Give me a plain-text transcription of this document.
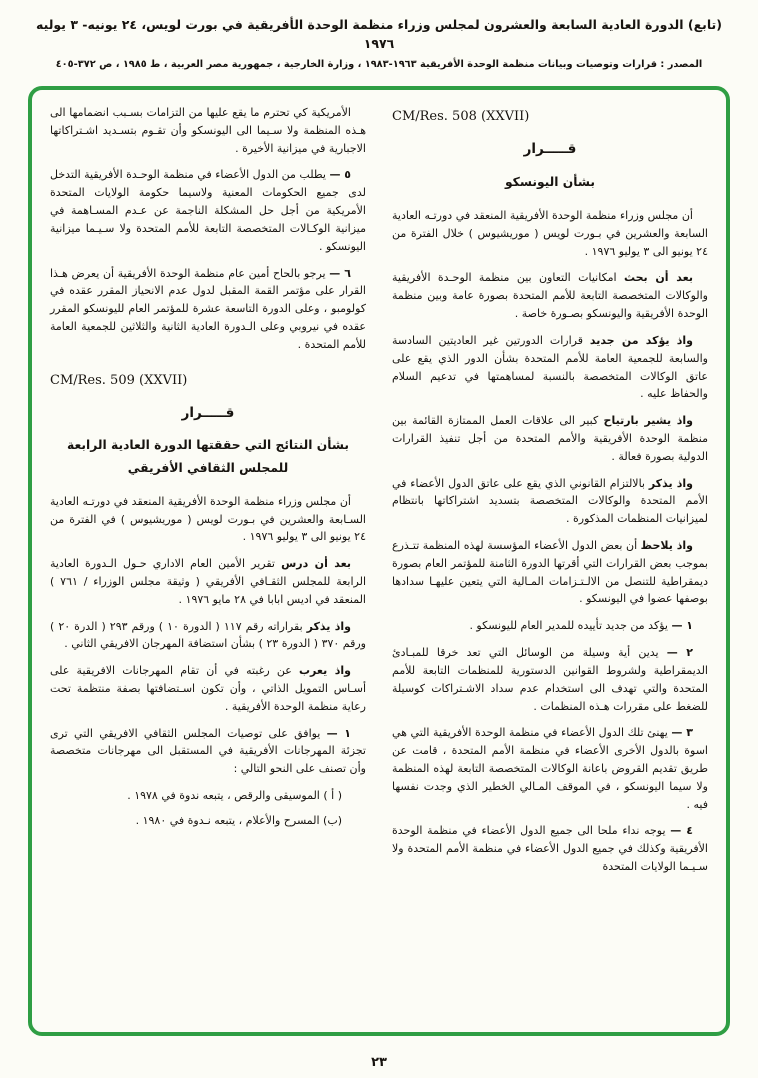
(تابع) الدورة العادية السابعة والعشرون لمجلس وزراء منظمة الوحدة الأفريقية في بورت لويس، ٢٤ يونيه- ٣ يوليه ١٩٧٦
المصدر : قرارات وتوصيات وبيانات منظمة الوحدة الأفريقية ١٩٦٣-١٩٨٣ ، وزارة الخارجية ، جمهورية مصر العربية ، ط ١٩٨٥ ، ص ٣٧٢-٤٠٥
CM/Res. 508 (XXVII)
قـــــرار
بشأن اليونسكو

أن مجلس وزراء منظمة الوحدة الأفريقية المنعقد في دورتـه العادية السابعة والعشرين في بـورت لويس ( موريشيوس ) خلال الفترة من ٢٤ يونيو الى ٣ يوليو ١٩٧٦ .

بعد أن بحث امكانيات التعاون بين منظمة الوحـدة الأفريقية والوكالات المتخصصة التابعة للأمم المتحدة بصورة عامة وبين منظمة الوحدة الأفريقية واليونسكو بصـورة خاصة .

واذ يؤكد من جديد قرارات الدورتين غير العاديتين السادسة والسابعة للجمعية العامة للأمم المتحدة بشأن الدور الذي يقع على عاتق الوكالات المتخصصة بالنسبة لمساهمتها في تدعيم السلام والحفاظ عليه .

واذ يشير بارتياح كبير الى علاقات العمل الممتازة القائمة بين منظمة الوحدة الأفريقية والأمم المتحدة من أجل تنفيذ القرارات الدولية بصورة فعالة .

واذ يذكر بالالتزام القانوني الذي يقع على عاتق الدول الأعضاء في الأمم المتحدة والوكالات المتخصصة بتسديد اشتراكاتها بانتظام لميزانيات المنظمات المذكورة .

واذ يلاحظ أن بعض الدول الأعضاء المؤسسة لهذه المنظمة تتـذرع بموجب بعض القرارات التي أقرتها الدورة الثامنة للمؤتمر العام بصورة ديمقراطية للتنصل من الالـتـزامات المـالية التي يتعين عليهـا سدادها بوصفها عضوا في اليونسكو .

١ — يؤكد من جديد تأييده للمدير العام لليونسكو .

٢ — يدين أية وسيلة من الوسائل التي تعد خرقا للمبـادئ الديمقراطية ولشروط القوانين الدستورية للمنظمات التابعة للأمم المتحدة والتي تهدف الى استخدام عدم سداد الاشـتراكات كوسيلة للضغط على مقررات هـذه المنظمات .

٣ — يهنئ تلك الدول الأعضاء في منظمة الوحدة الأفريقية التي هي اسوة بالدول الأخرى الأعضاء في منظمة الأمم المتحدة ، قامت عن طريق تقديم القروض باعانة الوكالات المتخصصة التابعة لهذه المنظمة ولا سيما اليونسكو ، في الموقف المـالي الخطير الذي وجدت نفسها فيه .

٤ — يوجه نداء ملحا الى جميع الدول الأعضاء في منظمة الوحدة الأفريقية وكذلك في جميع الدول الأعضاء في منظمة الأمم المتحدة ولا سـيـما الولايات المتحدة

الأمريكية كي تحترم ما يقع عليها من التزامات بسـبب انضمامها الى هـذه المنظمة ولا سـيما الى اليونسكو وأن تقـوم بتسـديد اشـتراكاتها الاجبارية في ميزانية الأخيرة .

٥ — يطلب من الدول الأعضاء في منظمة الوحـدة الأفريقية التدخل لدى جميع الحكومات المعنية ولاسيما حكومة الولايات المتحدة الأمريكية من أجل حل المشكلة الناجمة عن عـدم المسـاهمة في ميزانية الوكـالات المتخصصة التابعة للأمم المتحدة ولا سـيـما ميزانية اليونسكو .

٦ — يرجو بالحاح أمين عام منظمة الوحدة الأفريقية أن يعرض هـذا القرار على مؤتمر القمة المقبل لدول عدم الانحياز المقرر عقده في كولومبو ، وعلى الدورة التاسعة عشرة للمؤتمر العام لليونسكو المقرر عقده في نيروبي وعلى الـدورة العادية الثانية والثلاثين للجمعية العامة للأمم المتحدة .

CM/Res. 509 (XXVII)
قـــــرار
بشأن النتائج التي حققتها الدورة العادية الرابعة للمجلس الثقافي الأفريقي

أن مجلس وزراء منظمة الوحدة الأفريقية المنعقد في دورتـه العادية السـابعة والعشرين في بـورت لويس ( موريشيوس ) في الفترة من ٢٤ يونيو الى ٣ يوليو ١٩٧٦ .

بعد أن درس تقرير الأمين العام الاداري حـول الـدورة العادية الرابعة للمجلس الثقـافي الأفريقي ( وثيقة مجلس الوزراء / ٧٦١ ) المنعقد في اديس ابابا في ٢٨ مايو ١٩٧٦ .

واذ يذكر بقراراته رقم ١١٧ ( الدورة ١٠ ) ورقم ٢٩٣ ( الدرة ٢٠ ) ورقم ٣٧٠ ( الدورة ٢٣ ) بشأن استضافة المهرجان الافريقي الثاني .

واذ يعرب عن رغبته في أن تقام المهرجانات الافريقية على أسـاس التمويل الذاتي ، وأن تكون اسـتضافتها بصفة منتظمة تحت رعاية منظمة الوحدة الأفريقية .

١ — يوافق على توصيات المجلس الثقافي الافريقي التي ترى تجزئة المهرجانات الأفريقية في المستقبل الى مهرجانات متخصصة وأن تصنف على النحو التالي :

( أ ) الموسيقى والرقص ، يتبعه ندوة في ١٩٧٨ .

(ب) المسرح والأعلام ، يتبعه نـدوة في ١٩٨٠ .

٢٣
